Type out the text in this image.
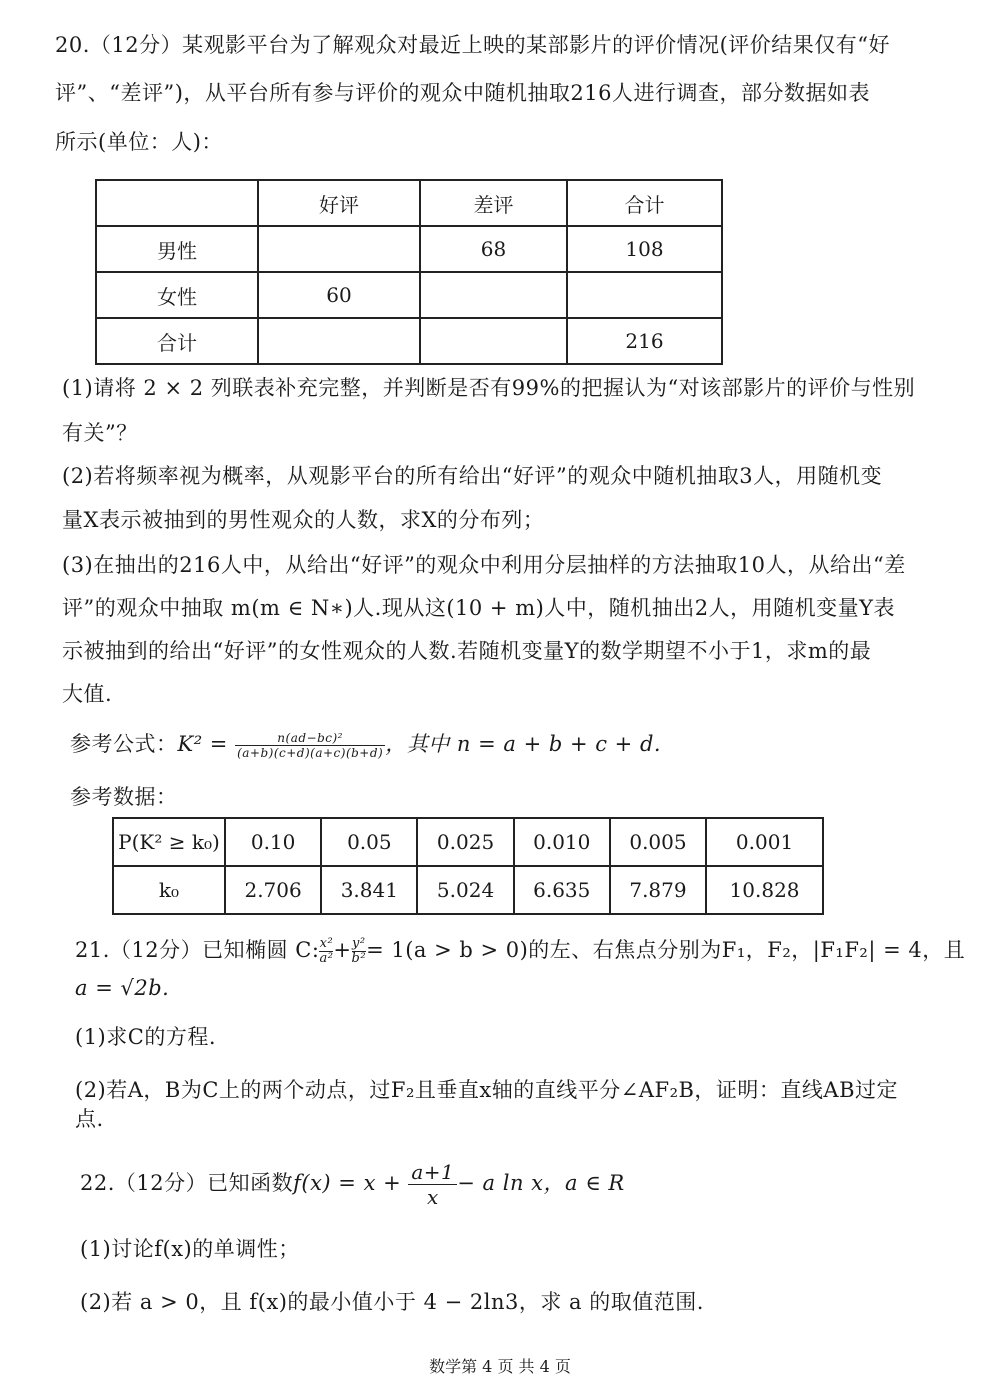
20.（12分）某观影平台为了解观众对最近上映的某部影片的评价情况(评价结果仅有“好
评”、“差评”)，从平台所有参与评价的观众中随机抽取216人进行调查，部分数据如表
所示(单位：人)：
	好评	差评	合计
男性		68	108
女性	60		
合计			216
(1)请将 2 × 2 列联表补充完整，并判断是否有99%的把握认为“对该部影片的评价与性别
有关”？
(2)若将频率视为概率，从观影平台的所有给出“好评”的观众中随机抽取3人，用随机变
量X表示被抽到的男性观众的人数，求X的分布列；
(3)在抽出的216人中，从给出“好评”的观众中利用分层抽样的方法抽取10人，从给出“差
评”的观众中抽取 m(m ∈ N∗)人.现从这(10 + m)人中，随机抽出2人，用随机变量Y表
示被抽到的给出“好评”的女性观众的人数.若随机变量Y的数学期望不小于1，求m的最
大值.
参考公式：$K^2 = \frac{\text{n(ad−bc)²}}{(a+b)(c+d)(a+c)(b+d)}$ ，其中 n = a + b + c + d.
参考数据：
P(K² ≥ k₀)	0.10	0.05	0.025	0.010	0.005	0.001
k₀	2.706	3.841	5.024	6.635	7.879	10.828
21.（12分）已知椭圆 C: $\frac{\text{x²}}{\text{a²}} + \frac{\text{y²}}{\text{b²}} = 1(a > b > 0)$的左、右焦点分别为F₁，F₂，|F₁F₂| = 4，且
a = √2b.
(1)求C的方程.
(2)若A，B为C上的两个动点，过F₂且垂直x轴的直线平分∠AF₂B，证明：直线AB过定
点.
22.（12分）已知函数$f(x) = x + \frac{a+1}{x} - a$ ln x，a ∈ R
(1)讨论f(x)的单调性；
(2)若 a > 0，且 f(x)的最小值小于 4 − 2ln3，求 a 的取值范围.
数学第 4 页 共 4 页
